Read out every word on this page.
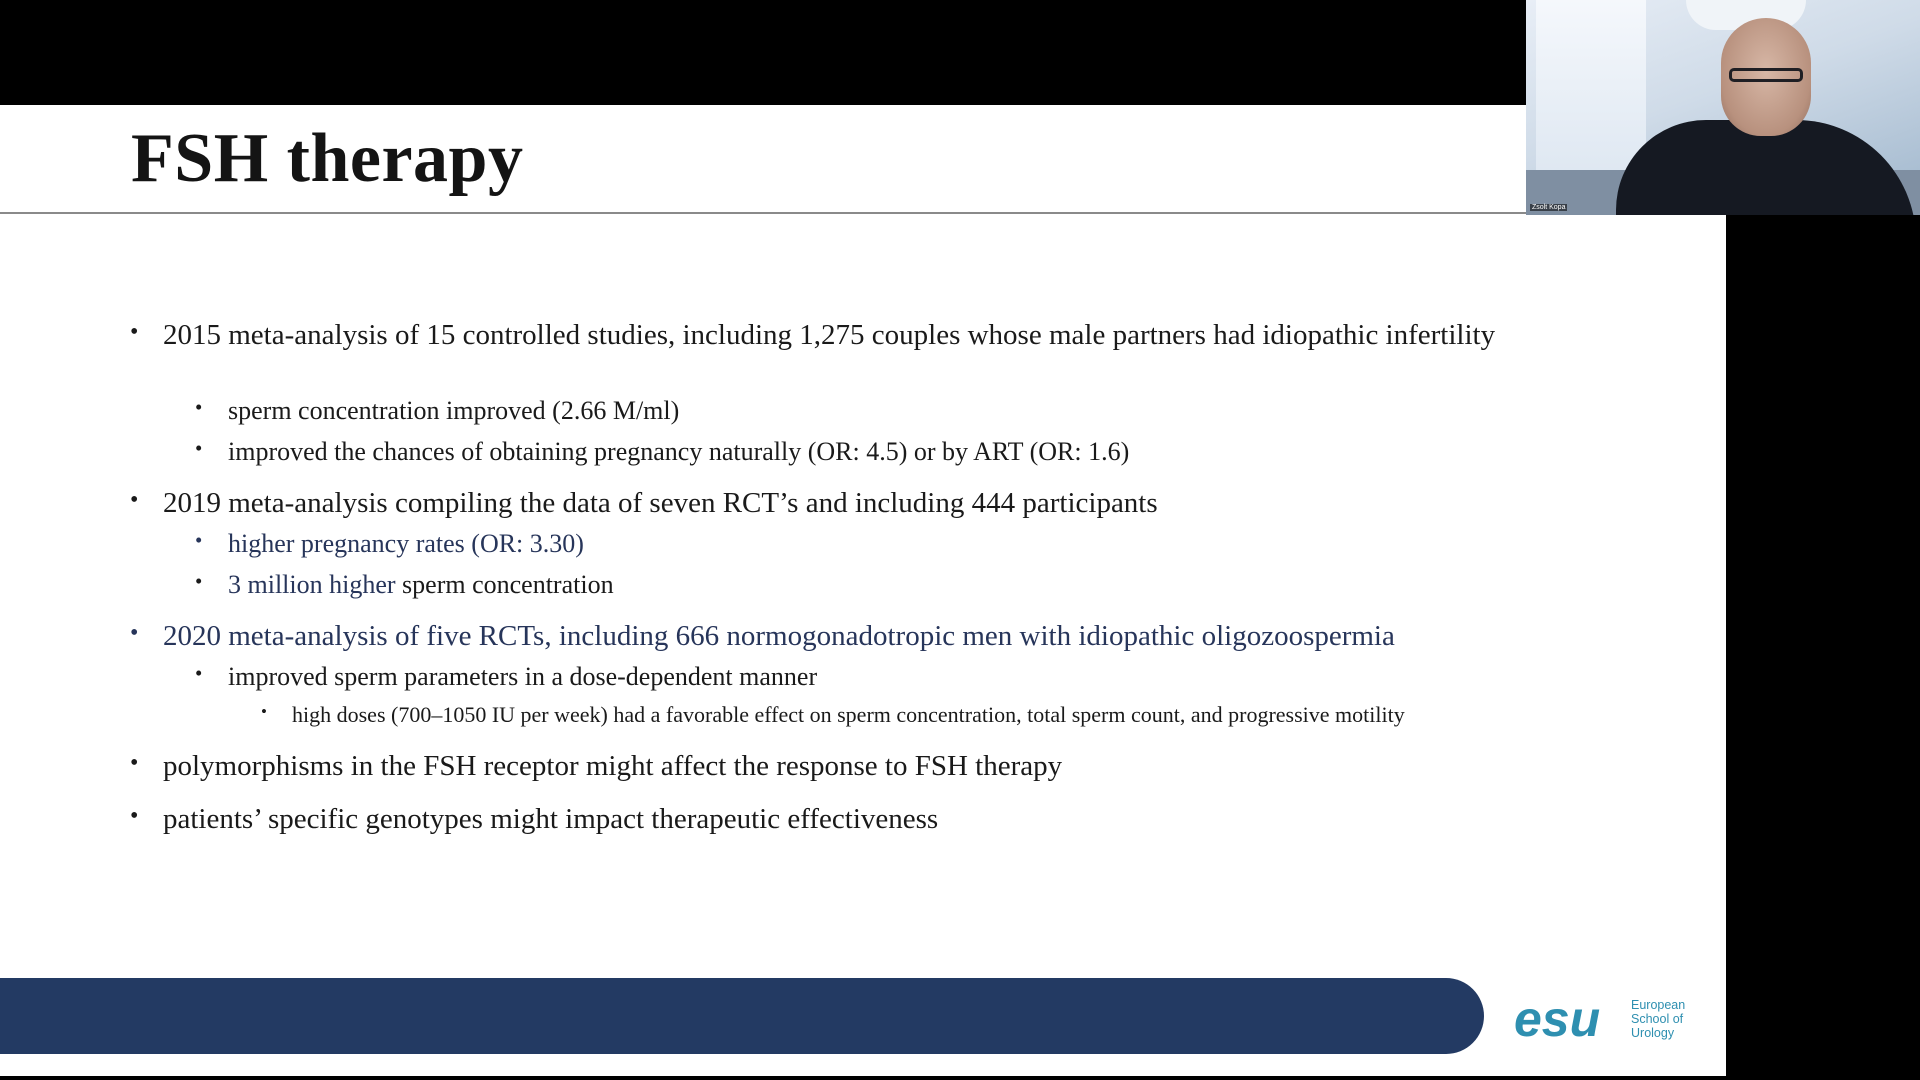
FSH therapy

• 2015 meta-analysis of 15 controlled studies, including 1,275 couples whose male partners had idiopathic infertility

• sperm concentration improved (2.66 M/ml)

• improved the chances of obtaining pregnancy naturally (OR: 4.5) or by ART (OR: 1.6)

• 2019 meta-analysis compiling the data of seven RCT’s and including 444 participants

• higher pregnancy rates (OR: 3.30)

• 3 million higher sperm concentration

• 2020 meta-analysis of five RCTs, including 666 normogonadotropic men with idiopathic oligozoospermia

• improved sperm parameters in a dose-dependent manner

• high doses (700–1050 IU per week) had a favorable effect on sperm concentration, total sperm count, and progressive motility

• polymorphisms in the FSH receptor might affect the response to FSH therapy

• patients’ specific genotypes might impact therapeutic effectiveness

esu European
School of
Urology
Zsolt Kopa
